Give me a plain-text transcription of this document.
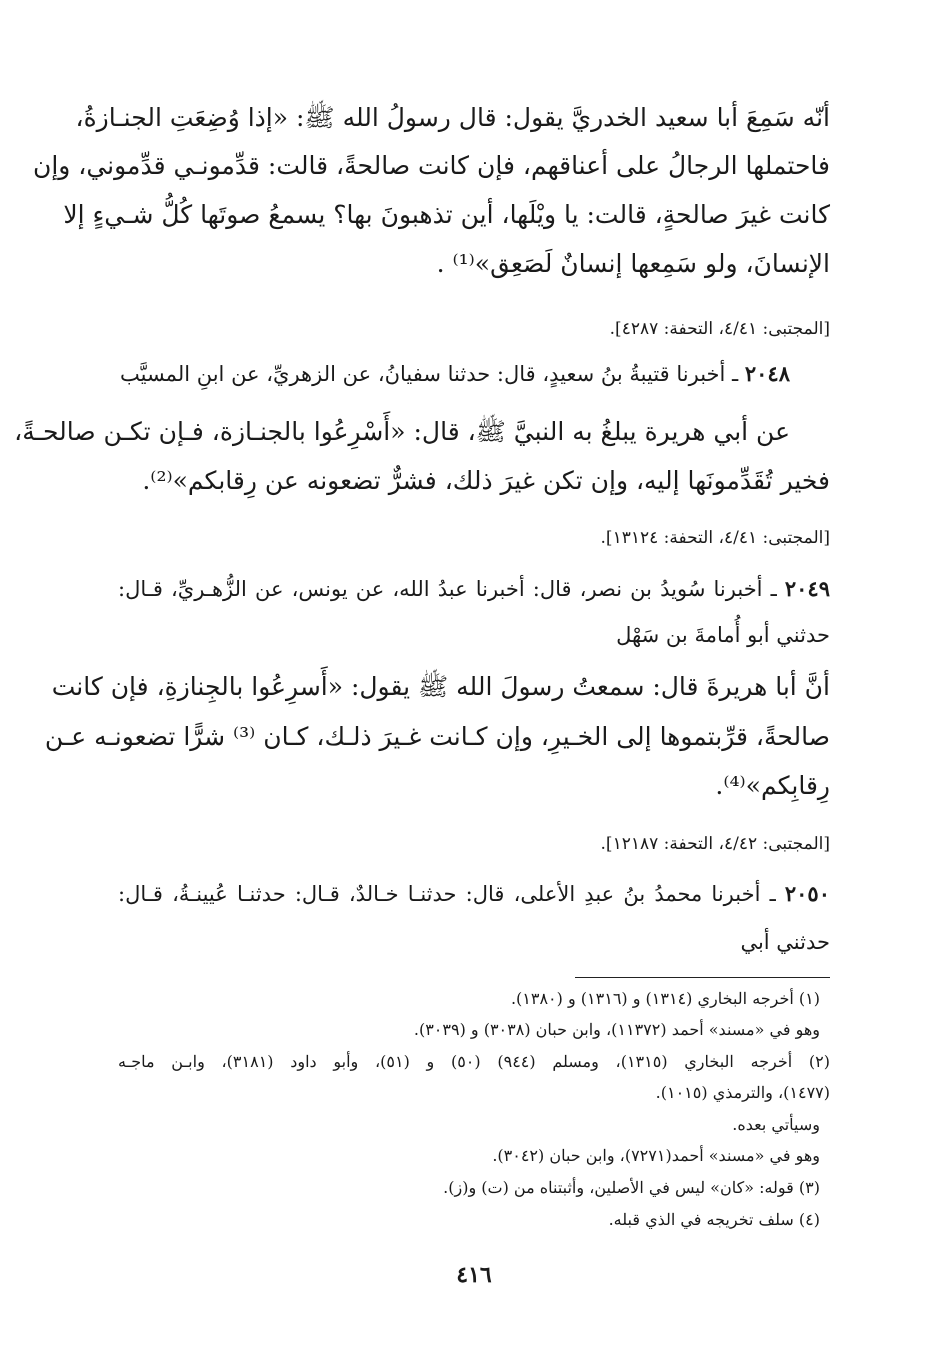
أنّه سَمِعَ أبا سعيد الخدريَّ يقول: قال رسولُ الله ﷺ: «إذا وُضِعَتِ الجنـازةُ،

فاحتملها الرجالُ على أعناقهم، فإن كانت صالحةً، قالت: قدِّمونـي قدِّموني، وإن

كانت غيرَ صالحةٍ، قالت: يا ويْلَها، أين تذهبونَ بها؟ يسمعُ صوتَها كُلُّ شـيءٍ إلا

الإنسانَ، ولو سَمِعها إنسانٌ لَصَعِق»⁽¹⁾ .

[المجتبى: ٤/٤١، التحفة: ٤٢٨٧].

٢٠٤٨ ـ أخبرنا قتيبةُ بنُ سعيدٍ، قال: حدثنا سفيانُ، عن الزهريِّ، عن ابنِ المسيَّب

عن أبي هريرة يبلغُ به النبيَّ ﷺ، قال: «أَسْرِعُوا بالجنـازة، فـإن تكـن صالحـةً،

فخير تُقَدِّمونَها إليه، وإن تكن غيرَ ذلك، فشرٌّ تضعونه عن رِقابكم»⁽²⁾.

[المجتبى: ٤/٤١، التحفة: ١٣١٢٤].

٢٠٤٩ ـ أخبرنا سُويدُ بن نصر، قال: أخبرنا عبدُ الله، عن يونس، عن الزُّهـريِّ، قـال:

حدثني أبو أُمامةَ بن سَهْل

أنَّ أبا هريرةَ قال: سمعتُ رسولَ الله ﷺ يقول: «أَسرِعُوا بالجِنازةِ، فإن كانت

صالحةً، قرِّبتموها إلى الخـيرِ، وإن كـانت غـيرَ ذلـك، كـان ⁽³⁾ شرًّا تضعونـه عـن

رِقابِكم»⁽⁴⁾.

[المجتبى: ٤/٤٢، التحفة: ١٢١٨٧].

٢٠٥٠ ـ أخبرنا محمدُ بنُ عبدِ الأعلى، قال: حدثنـا خـالدٌ، قـال: حدثنـا عُيينـةُ، قـال:

حدثني أبي

(١) أخرجه البخاري (١٣١٤) و (١٣١٦) و (١٣٨٠).

وهو في «مسند» أحمد (١١٣٧٢)، وابن حبان (٣٠٣٨) و (٣٠٣٩).

(٢) أخرجه البخاري (١٣١٥)، ومسلم (٩٤٤) (٥٠) و (٥١)، وأبو داود (٣١٨١)، وابـن ماجـه

(١٤٧٧)، والترمذي (١٠١٥).

وسيأتي بعده.

وهو في «مسند» أحمد(٧٢٧١)، وابن حبان (٣٠٤٢).

(٣) قوله: «كان» ليس في الأصلين، وأثبتناه من (ت) و(ز).

(٤) سلف تخريجه في الذي قبله.

٤١٦
